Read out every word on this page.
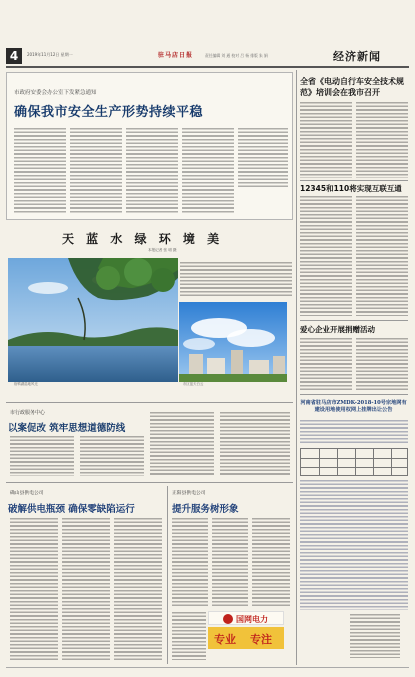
4	2019年11月12日 星期一	驻马店日报	责任编辑 刘 通 校对 吕 杨 排版 朱 娟	经济新闻
市政府安委会办公室下发紧急通知
确保我市安全生产形势持续平稳
全省《电动自行车安全技术规范》培训会在我市召开
12345和110将实现互联互通
爱心企业开展捐赠活动
河南省驻马店市ZMDK-2018-10号宗地网有建设用地使用权网上挂牌出让公告
天 蓝 水 绿 环 境 美
本报记者 张 明 摄
宿鸭湖湿地风光	市区蓝天白云
市行政服务中心
以案促改 筑牢思想道德防线
确山县供电公司
破解供电瓶颈 确保零缺陷运行
正阳县供电公司
提升服务树形象
国网电力
专业 专注
